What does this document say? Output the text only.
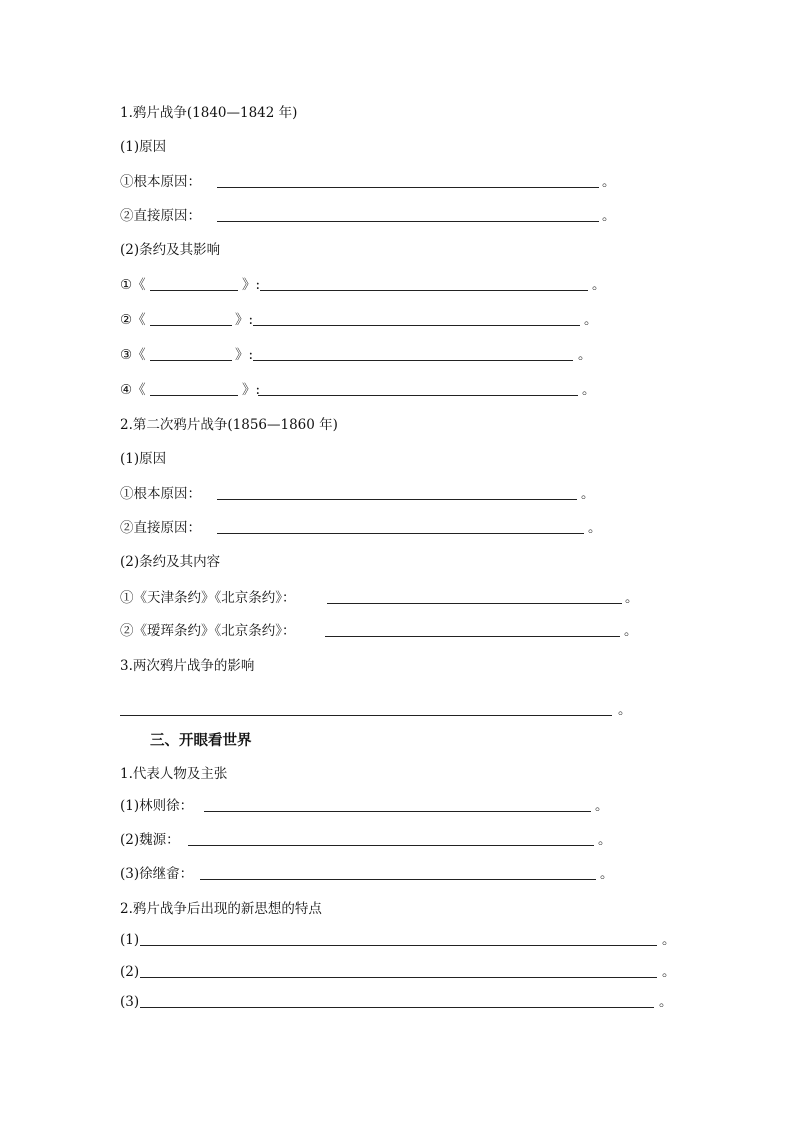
1.鸦片战争(1840—1842 年)
(1)原因
①根本原因：	。
②直接原因：	。
(2)条约及其影响
①《	》:	。
②《	》:	。
③《	》:	。
④《	》:	。
2.第二次鸦片战争(1856—1860 年)
(1)原因
①根本原因：	。
②直接原因：	。
(2)条约及其内容
①《天津条约》《北京条约》：	。
②《瑷珲条约》《北京条约》：	。
3.两次鸦片战争的影响
。
三、开眼看世界
1.代表人物及主张
(1)林则徐：	。
(2)魏源：	。
(3)徐继畲：	。
2.鸦片战争后出现的新思想的特点
(1)	。
(2)	。
(3)	。
